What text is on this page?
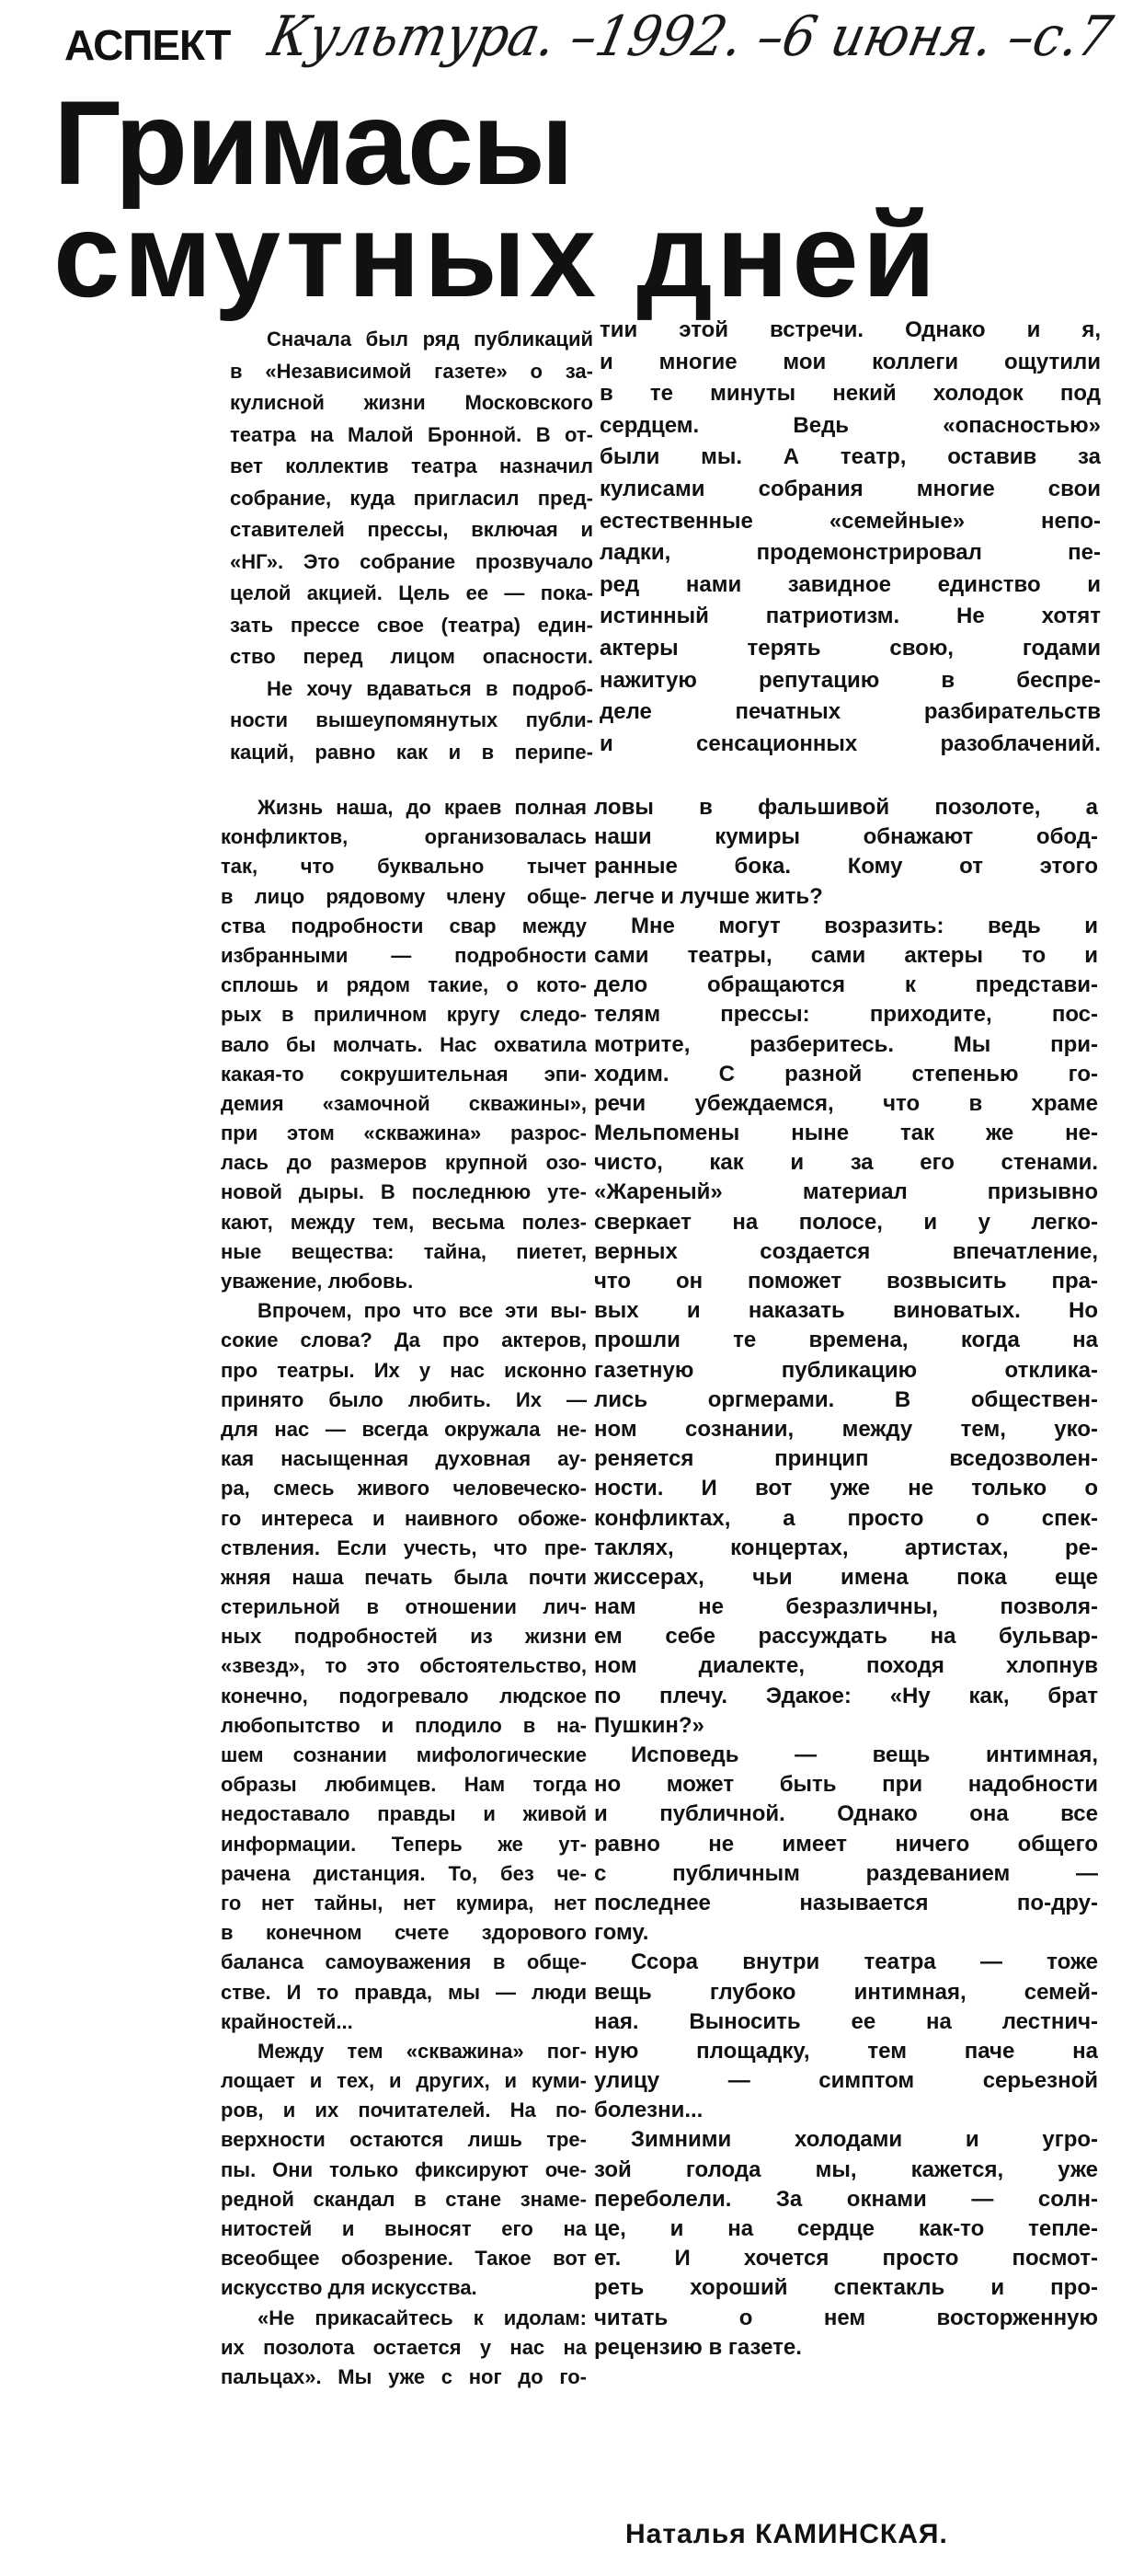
АСПЕКТ Культура. –1992. –6 июня. –с.7
Гримасы
смутных дней
Сначала был ряд публикаций
в «Независимой газете» о за-
кулисной жизни Московского
театра на Малой Бронной. В от-
вет коллектив театра назначил
собрание, куда пригласил пред-
ставителей прессы, включая и
«НГ». Это собрание прозвучало
целой акцией. Цель ее — пока-
зать прессе свое (театра) един-
ство перед лицом опасности.
Не хочу вдаваться в подроб-
ности вышеупомянутых публи-
каций, равно как и в перипе-
тии этой встречи. Однако и я,
и многие мои коллеги ощутили
в те минуты некий холодок под
сердцем. Ведь «опасностью»
были мы. А театр, оставив за
кулисами собрания многие свои
естественные «семейные» непо-
ладки, продемонстрировал пе-
ред нами завидное единство и
истинный патриотизм. Не хотят
актеры терять свою, годами
нажитую репутацию в беспре-
деле печатных разбирательств
и сенсационных разоблачений.
Жизнь наша, до краев полная
конфликтов, организовалась
так, что буквально тычет
в лицо рядовому члену обще-
ства подробности свар между
избранными — подробности
сплошь и рядом такие, о кото-
рых в приличном кругу следо-
вало бы молчать. Нас охватила
какая-то сокрушительная эпи-
демия «замочной скважины»,
при этом «скважина» разрос-
лась до размеров крупной озо-
новой дыры. В последнюю уте-
кают, между тем, весьма полез-
ные вещества: тайна, пиетет,
уважение, любовь.
Впрочем, про что все эти вы-
сокие слова? Да про актеров,
про театры. Их у нас исконно
принято было любить. Их —
для нас — всегда окружала не-
кая насыщенная духовная ау-
ра, смесь живого человеческо-
го интереса и наивного обоже-
ствления. Если учесть, что пре-
жняя наша печать была почти
стерильной в отношении лич-
ных подробностей из жизни
«звезд», то это обстоятельство,
конечно, подогревало людское
любопытство и плодило в на-
шем сознании мифологические
образы любимцев. Нам тогда
недоставало правды и живой
информации. Теперь же ут-
рачена дистанция. То, без че-
го нет тайны, нет кумира, нет
в конечном счете здорового
баланса самоуважения в обще-
стве. И то правда, мы — люди
крайностей...
Между тем «скважина» пог-
лощает и тех, и других, и куми-
ров, и их почитателей. На по-
верхности остаются лишь тре-
пы. Они только фиксируют оче-
редной скандал в стане знаме-
нитостей и выносят его на
всеобщее обозрение. Такое вот
искусство для искусства.
«Не прикасайтесь к идолам:
их позолота остается у нас на
пальцах». Мы уже с ног до го-
ловы в фальшивой позолоте, а
наши кумиры обнажают обод-
ранные бока. Кому от этого
легче и лучше жить?
Мне могут возразить: ведь и
сами театры, сами актеры то и
дело обращаются к представи-
телям прессы: приходите, пос-
мотрите, разберитесь. Мы при-
ходим. С разной степенью го-
речи убеждаемся, что в храме
Мельпомены ныне так же не-
чисто, как и за его стенами.
«Жареный» материал призывно
сверкает на полосе, и у легко-
верных создается впечатление,
что он поможет возвысить пра-
вых и наказать виноватых. Но
прошли те времена, когда на
газетную публикацию отклика-
лись оргмерами. В обществен-
ном сознании, между тем, уко-
реняется принцип вседозволен-
ности. И вот уже не только о
конфликтах, а просто о спек-
таклях, концертах, артистах, ре-
жиссерах, чьи имена пока еще
нам не безразличны, позволя-
ем себе рассуждать на бульвар-
ном диалекте, походя хлопнув
по плечу. Эдакое: «Ну как, брат
Пушкин?»
Исповедь — вещь интимная,
но может быть при надобности
и публичной. Однако она все
равно не имеет ничего общего
с публичным раздеванием —
последнее называется по-дру-
гому.
Ссора внутри театра — тоже
вещь глубоко интимная, семей-
ная. Выносить ее на лестнич-
ную площадку, тем паче на
улицу — симптом серьезной
болезни...
Зимними холодами и угро-
зой голода мы, кажется, уже
переболели. За окнами — солн-
це, и на сердце как-то тепле-
ет. И хочется просто посмот-
реть хороший спектакль и про-
читать о нем восторженную
рецензию в газете.
Наталья КАМИНСКАЯ.
